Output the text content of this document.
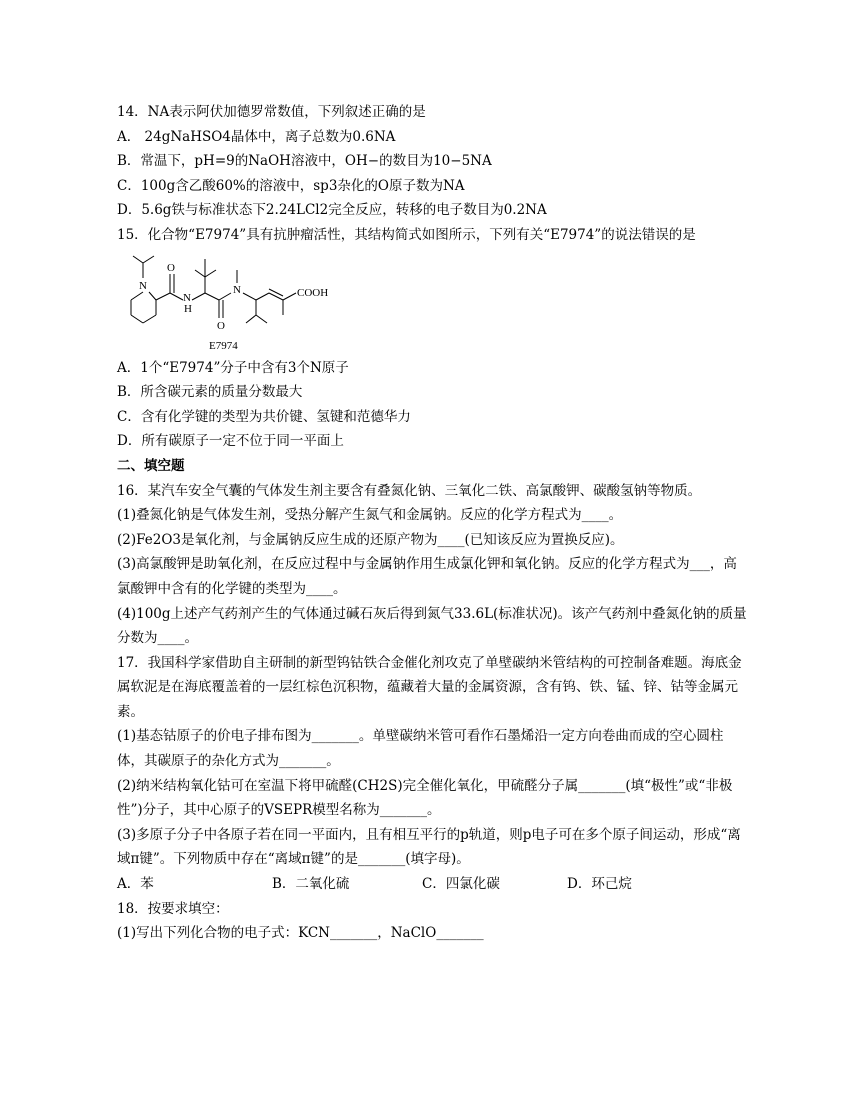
14．NA表示阿伏加德罗常数值，下列叙述正确的是
A． 24gNaHSO4晶体中，离子总数为0.6NA
B．常温下，pH=9的NaOH溶液中，OH−的数目为10−5NA
C．100g含乙酸60%的溶液中，sp3杂化的O原子数为NA
D．5.6g铁与标准状态下2.24LCl2完全反应，转移的电子数目为0.2NA
15．化合物“E7974”具有抗肿瘤活性，其结构简式如图所示，下列有关“E7974”的说法错误的是
N
O
N
H
O
N	COOH
E7974
A．1个“E7974”分子中含有3个N原子
B．所含碳元素的质量分数最大
C．含有化学键的类型为共价键、氢键和范德华力
D．所有碳原子一定不位于同一平面上
二、填空题
16．某汽车安全气囊的气体发生剂主要含有叠氮化钠、三氧化二铁、高氯酸钾、碳酸氢钠等物质。
(1)叠氮化钠是气体发生剂，受热分解产生氮气和金属钠。反应的化学方程式为____。
(2)Fe2O3是氧化剂，与金属钠反应生成的还原产物为____(已知该反应为置换反应)。
(3)高氯酸钾是助氧化剂，在反应过程中与金属钠作用生成氯化钾和氧化钠。反应的化学方程式为___，高氯酸钾中含有的化学键的类型为____。
(4)100g上述产气药剂产生的气体通过碱石灰后得到氮气33.6L(标准状况)。该产气药剂中叠氮化钠的质量分数为____。
17．我国科学家借助自主研制的新型钨钴铁合金催化剂攻克了单壁碳纳米管结构的可控制备难题。海底金属软泥是在海底覆盖着的一层红棕色沉积物，蕴藏着大量的金属资源，含有钨、铁、锰、锌、钴等金属元素。
(1)基态钴原子的价电子排布图为_______。单壁碳纳米管可看作石墨烯沿一定方向卷曲而成的空心圆柱体，其碳原子的杂化方式为_______。
(2)纳米结构氧化钴可在室温下将甲硫醛(CH2S)完全催化氧化，甲硫醛分子属_______(填“极性”或“非极性”)分子，其中心原子的VSEPR模型名称为_______。
(3)多原子分子中各原子若在同一平面内，且有相互平行的p轨道，则p电子可在多个原子间运动，形成“离域π键”。下列物质中存在“离域π键”的是_______(填字母)。
A．苯	B．二氧化硫	C．四氯化碳	D．环己烷
18．按要求填空：
(1)写出下列化合物的电子式：KCN_______，NaClO_______
